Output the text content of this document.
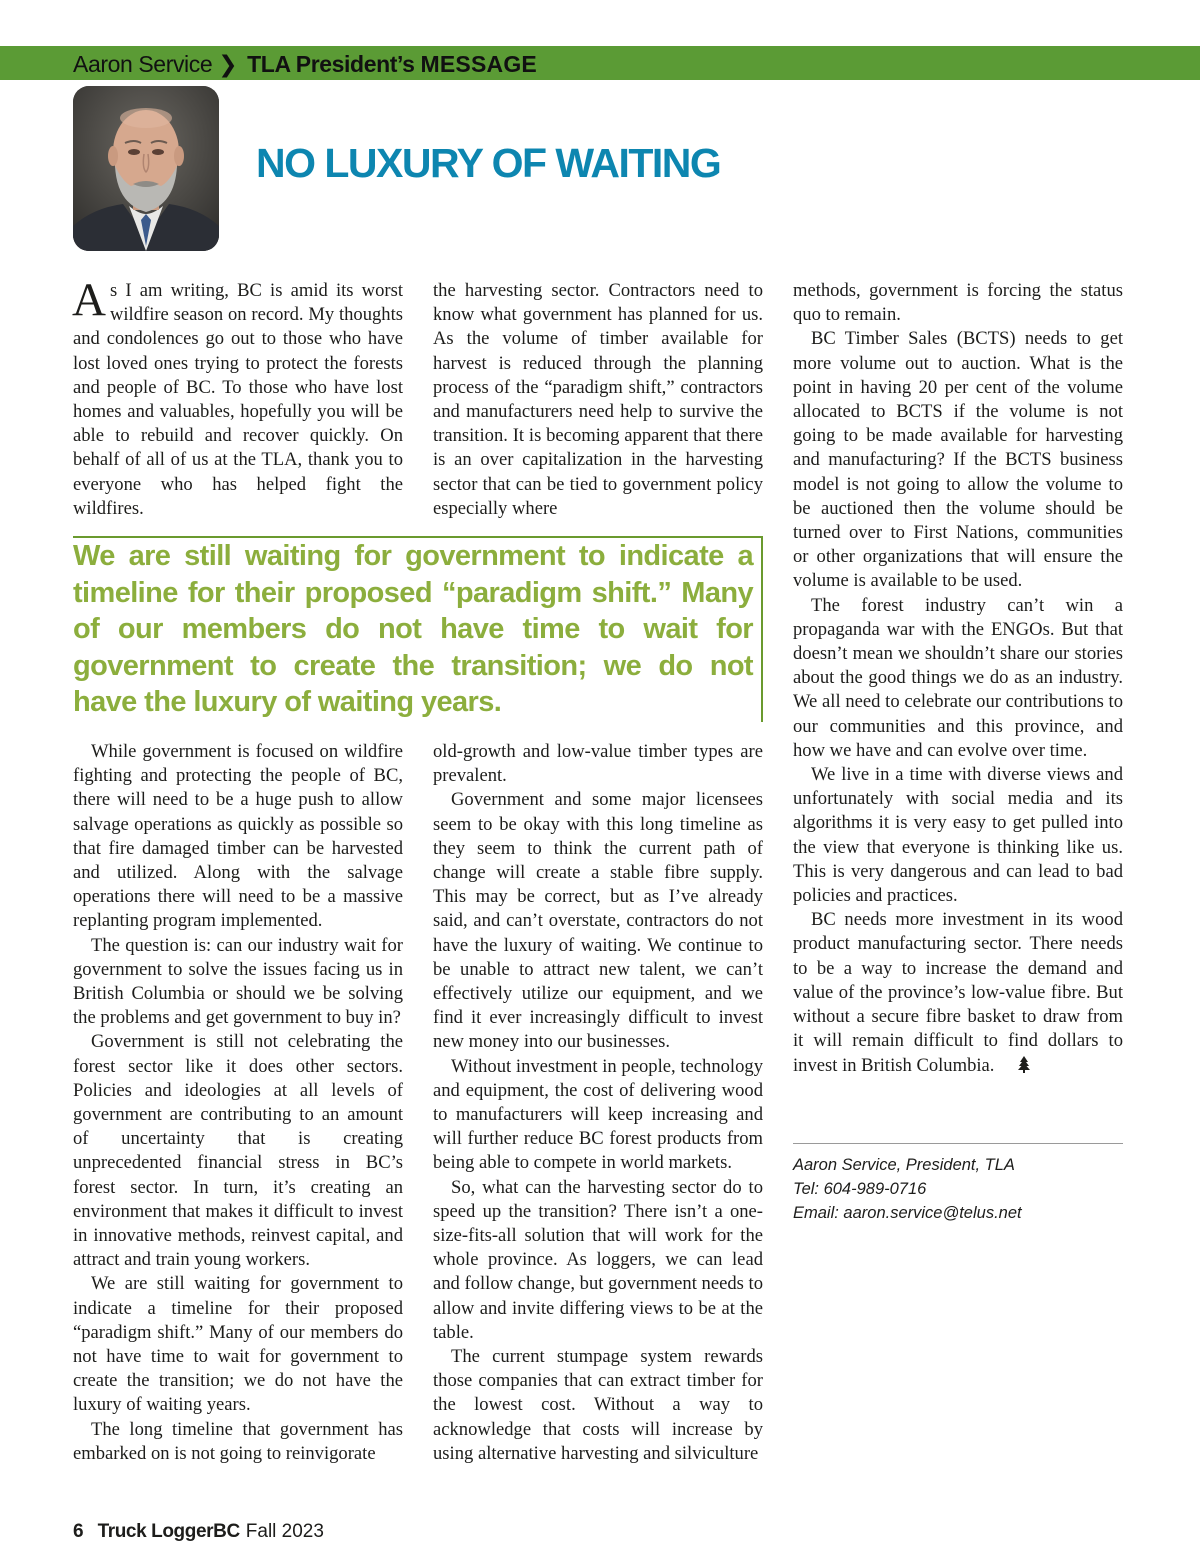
Aaron Service ❯ TLA President’s MESSAGE
NO LUXURY OF WAITING

As I am writing, BC is amid its worst wildfire season on record. My thoughts and condolences go out to those who have lost loved ones trying to protect the forests and people of BC. To those who have lost homes and valuables, hopefully you will be able to rebuild and recover quickly. On behalf of all of us at the TLA, thank you to everyone who has helped fight the wildfires.

the harvesting sector. Contractors need to know what government has planned for us. As the volume of timber available for harvest is reduced through the planning process of the “paradigm shift,” contractors and manufacturers need help to survive the transition. It is becoming apparent that there is an over capitalization in the harvesting sector that can be tied to government policy especially where

We are still waiting for government to indicate a timeline for their proposed “paradigm shift.” Many of our members do not have time to wait for government to create the transition; we do not have the luxury of waiting years.

While government is focused on wildfire fighting and protecting the people of BC, there will need to be a huge push to allow salvage operations as quickly as possible so that fire damaged timber can be harvested and utilized. Along with the salvage operations there will need to be a massive replanting program implemented.

The question is: can our industry wait for government to solve the issues facing us in British Columbia or should we be solving the problems and get government to buy in?

Government is still not celebrating the forest sector like it does other sectors. Policies and ideologies at all levels of government are contributing to an amount of uncertainty that is creating unprecedented financial stress in BC’s forest sector. In turn, it’s creating an environment that makes it difficult to invest in innovative methods, reinvest capital, and attract and train young workers.

We are still waiting for government to indicate a timeline for their proposed “paradigm shift.” Many of our members do not have time to wait for government to create the transition; we do not have the luxury of waiting years.

The long timeline that government has embarked on is not going to reinvigorate

old-growth and low-value timber types are prevalent.

Government and some major licensees seem to be okay with this long timeline as they seem to think the current path of change will create a stable fibre supply. This may be correct, but as I’ve already said, and can’t overstate, contractors do not have the luxury of waiting. We continue to be unable to attract new talent, we can’t effectively utilize our equipment, and we find it ever increasingly difficult to invest new money into our businesses.

Without investment in people, technology and equipment, the cost of delivering wood to manufacturers will keep increasing and will further reduce BC forest products from being able to compete in world markets.

So, what can the harvesting sector do to speed up the transition? There isn’t a one-size-fits-all solution that will work for the whole province. As loggers, we can lead and follow change, but government needs to allow and invite differing views to be at the table.

The current stumpage system rewards those companies that can extract timber for the lowest cost. Without a way to acknowledge that costs will increase by using alternative harvesting and silviculture

methods, government is forcing the status quo to remain.

BC Timber Sales (BCTS) needs to get more volume out to auction. What is the point in having 20 per cent of the volume allocated to BCTS if the volume is not going to be made available for harvesting and manufacturing? If the BCTS business model is not going to allow the volume to be auctioned then the volume should be turned over to First Nations, communities or other organizations that will ensure the volume is available to be used.

The forest industry can’t win a propaganda war with the ENGOs. But that doesn’t mean we shouldn’t share our stories about the good things we do as an industry. We all need to celebrate our contributions to our communities and this province, and how we have and can evolve over time.

We live in a time with diverse views and unfortunately with social media and its algorithms it is very easy to get pulled into the view that everyone is thinking like us. This is very dangerous and can lead to bad policies and practices.

BC needs more investment in its wood product manufacturing sector. There needs to be a way to increase the demand and value of the province’s low-value fibre. But without a secure fibre basket to draw from it will remain difficult to find dollars to invest in British Columbia.

Aaron Service, President, TLA
Tel: 604-989-0716
Email: aaron.service@telus.net
6 Truck LoggerBC Fall 2023
